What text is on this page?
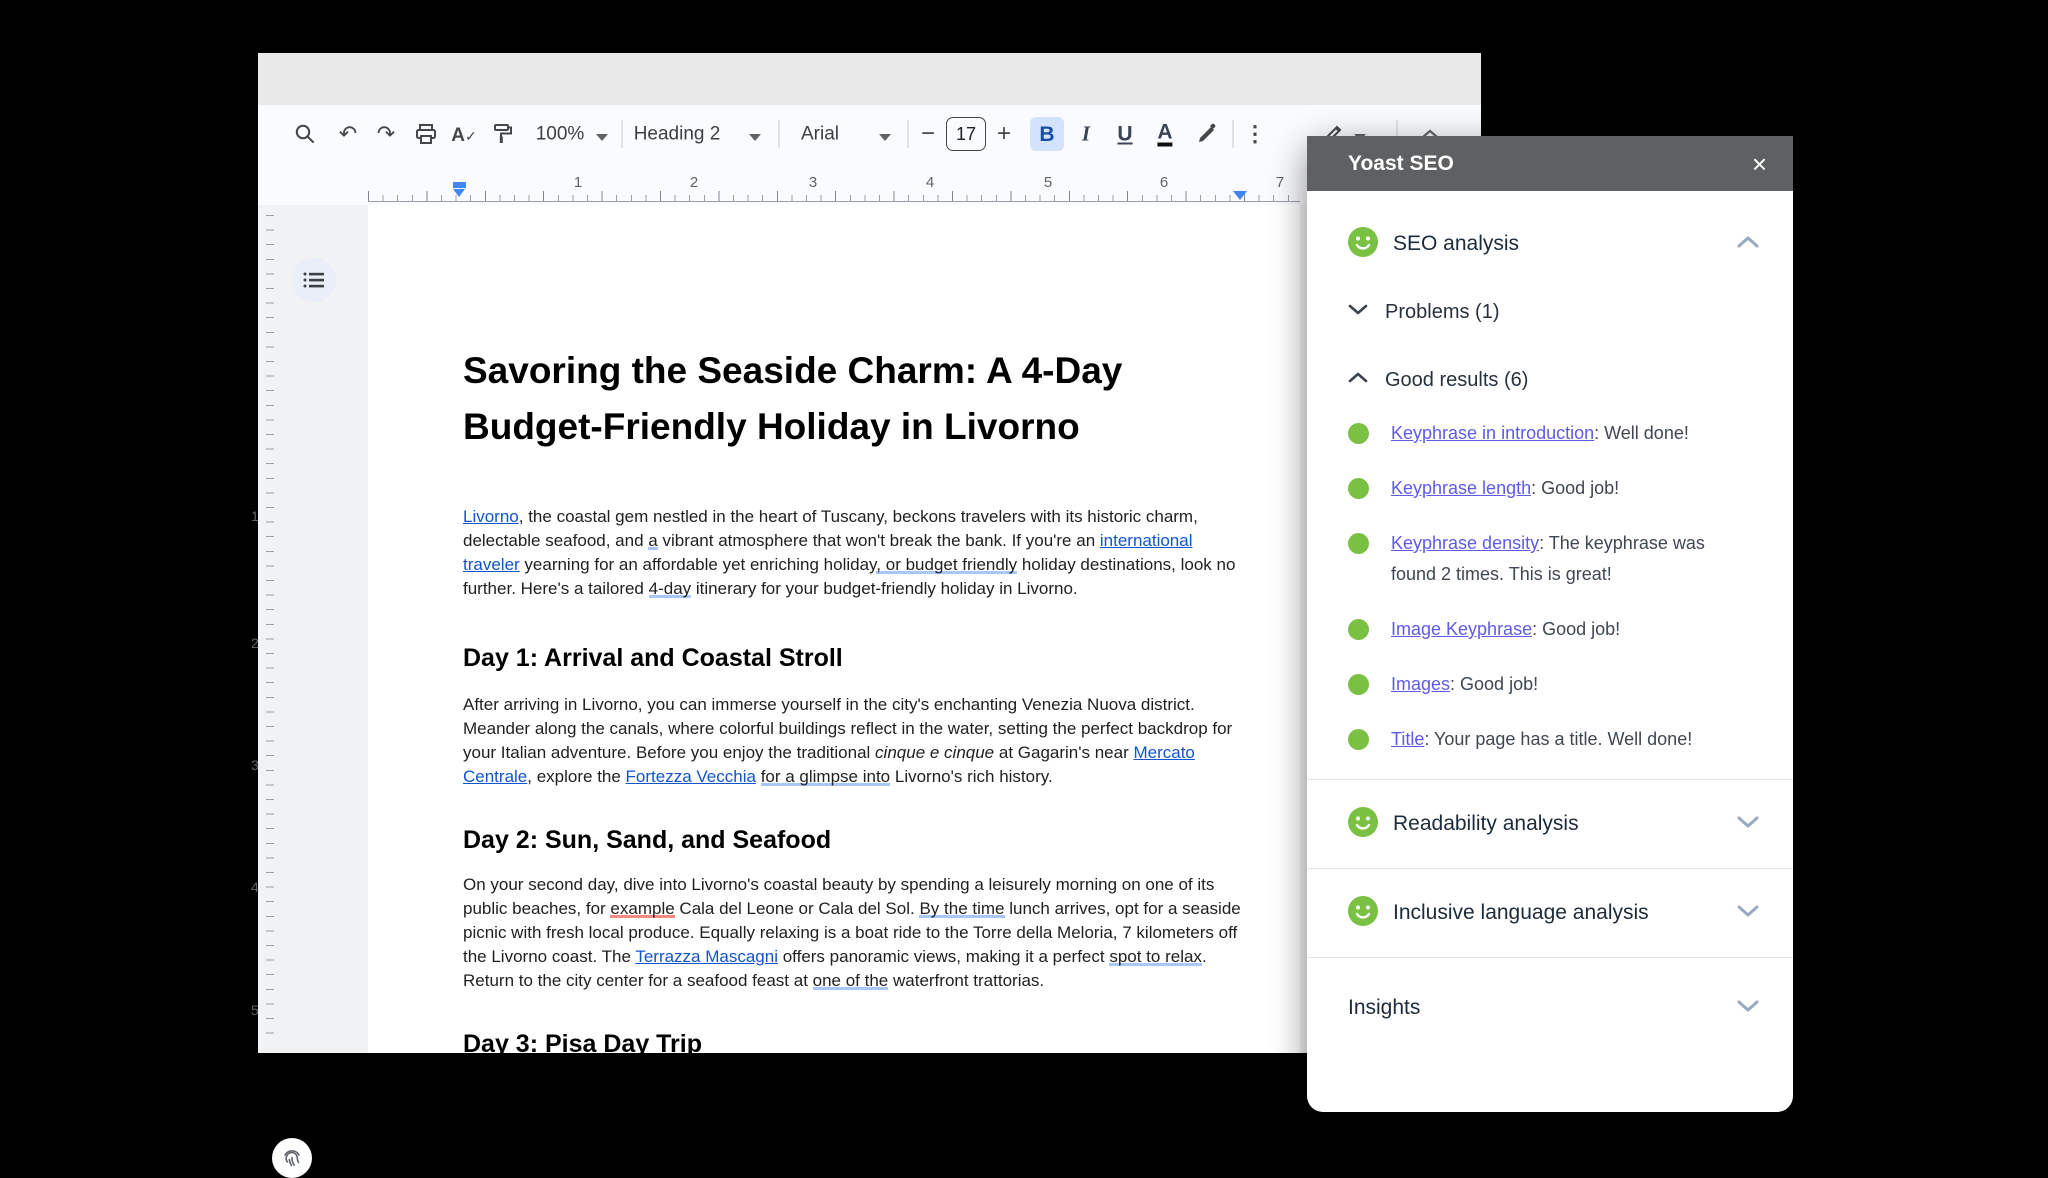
↶ ↷	A✓	100%	Heading 2	Arial	−	17 +	B	I U A	⋮
1	2	3	4	5	6	7
1
2
3
4
5
Savoring the Seaside Charm: A 4-Day Budget-Friendly Holiday in Livorno

Livorno, the coastal gem nestled in the heart of Tuscany, beckons travelers with its historic charm, delectable seafood, and a vibrant atmosphere that won't break the bank. If you're an international traveler yearning for an affordable yet enriching holiday, or budget friendly holiday destinations, look no further. Here's a tailored 4-day itinerary for your budget-friendly holiday in Livorno.

Day 1: Arrival and Coastal Stroll

After arriving in Livorno, you can immerse yourself in the city's enchanting Venezia Nuova district. Meander along the canals, where colorful buildings reflect in the water, setting the perfect backdrop for your Italian adventure. Before you enjoy the traditional cinque e cinque at Gagarin's near Mercato Centrale, explore the Fortezza Vecchia for a glimpse into Livorno's rich history.

Day 2: Sun, Sand, and Seafood

On your second day, dive into Livorno's coastal beauty by spending a leisurely morning on one of its public beaches, for example Cala del Leone or Cala del Sol. By the time lunch arrives, opt for a seaside picnic with fresh local produce. Equally relaxing is a boat ride to the Torre della Meloria, 7 kilometers off the Livorno coast. The Terrazza Mascagni offers panoramic views, making it a perfect spot to relax. Return to the city center for a seafood feast at one of the waterfront trattorias.

Day 3: Pisa Day Trip
Yoast SEO	×
SEO analysis
Problems (1)
Good results (6)
Keyphrase in introduction: Well done!
Keyphrase length: Good job!
Keyphrase density: The keyphrase was found 2 times. This is great!
Image Keyphrase: Good job!
Images: Good job!
Title: Your page has a title. Well done!
Readability analysis
Inclusive language analysis
Insights
